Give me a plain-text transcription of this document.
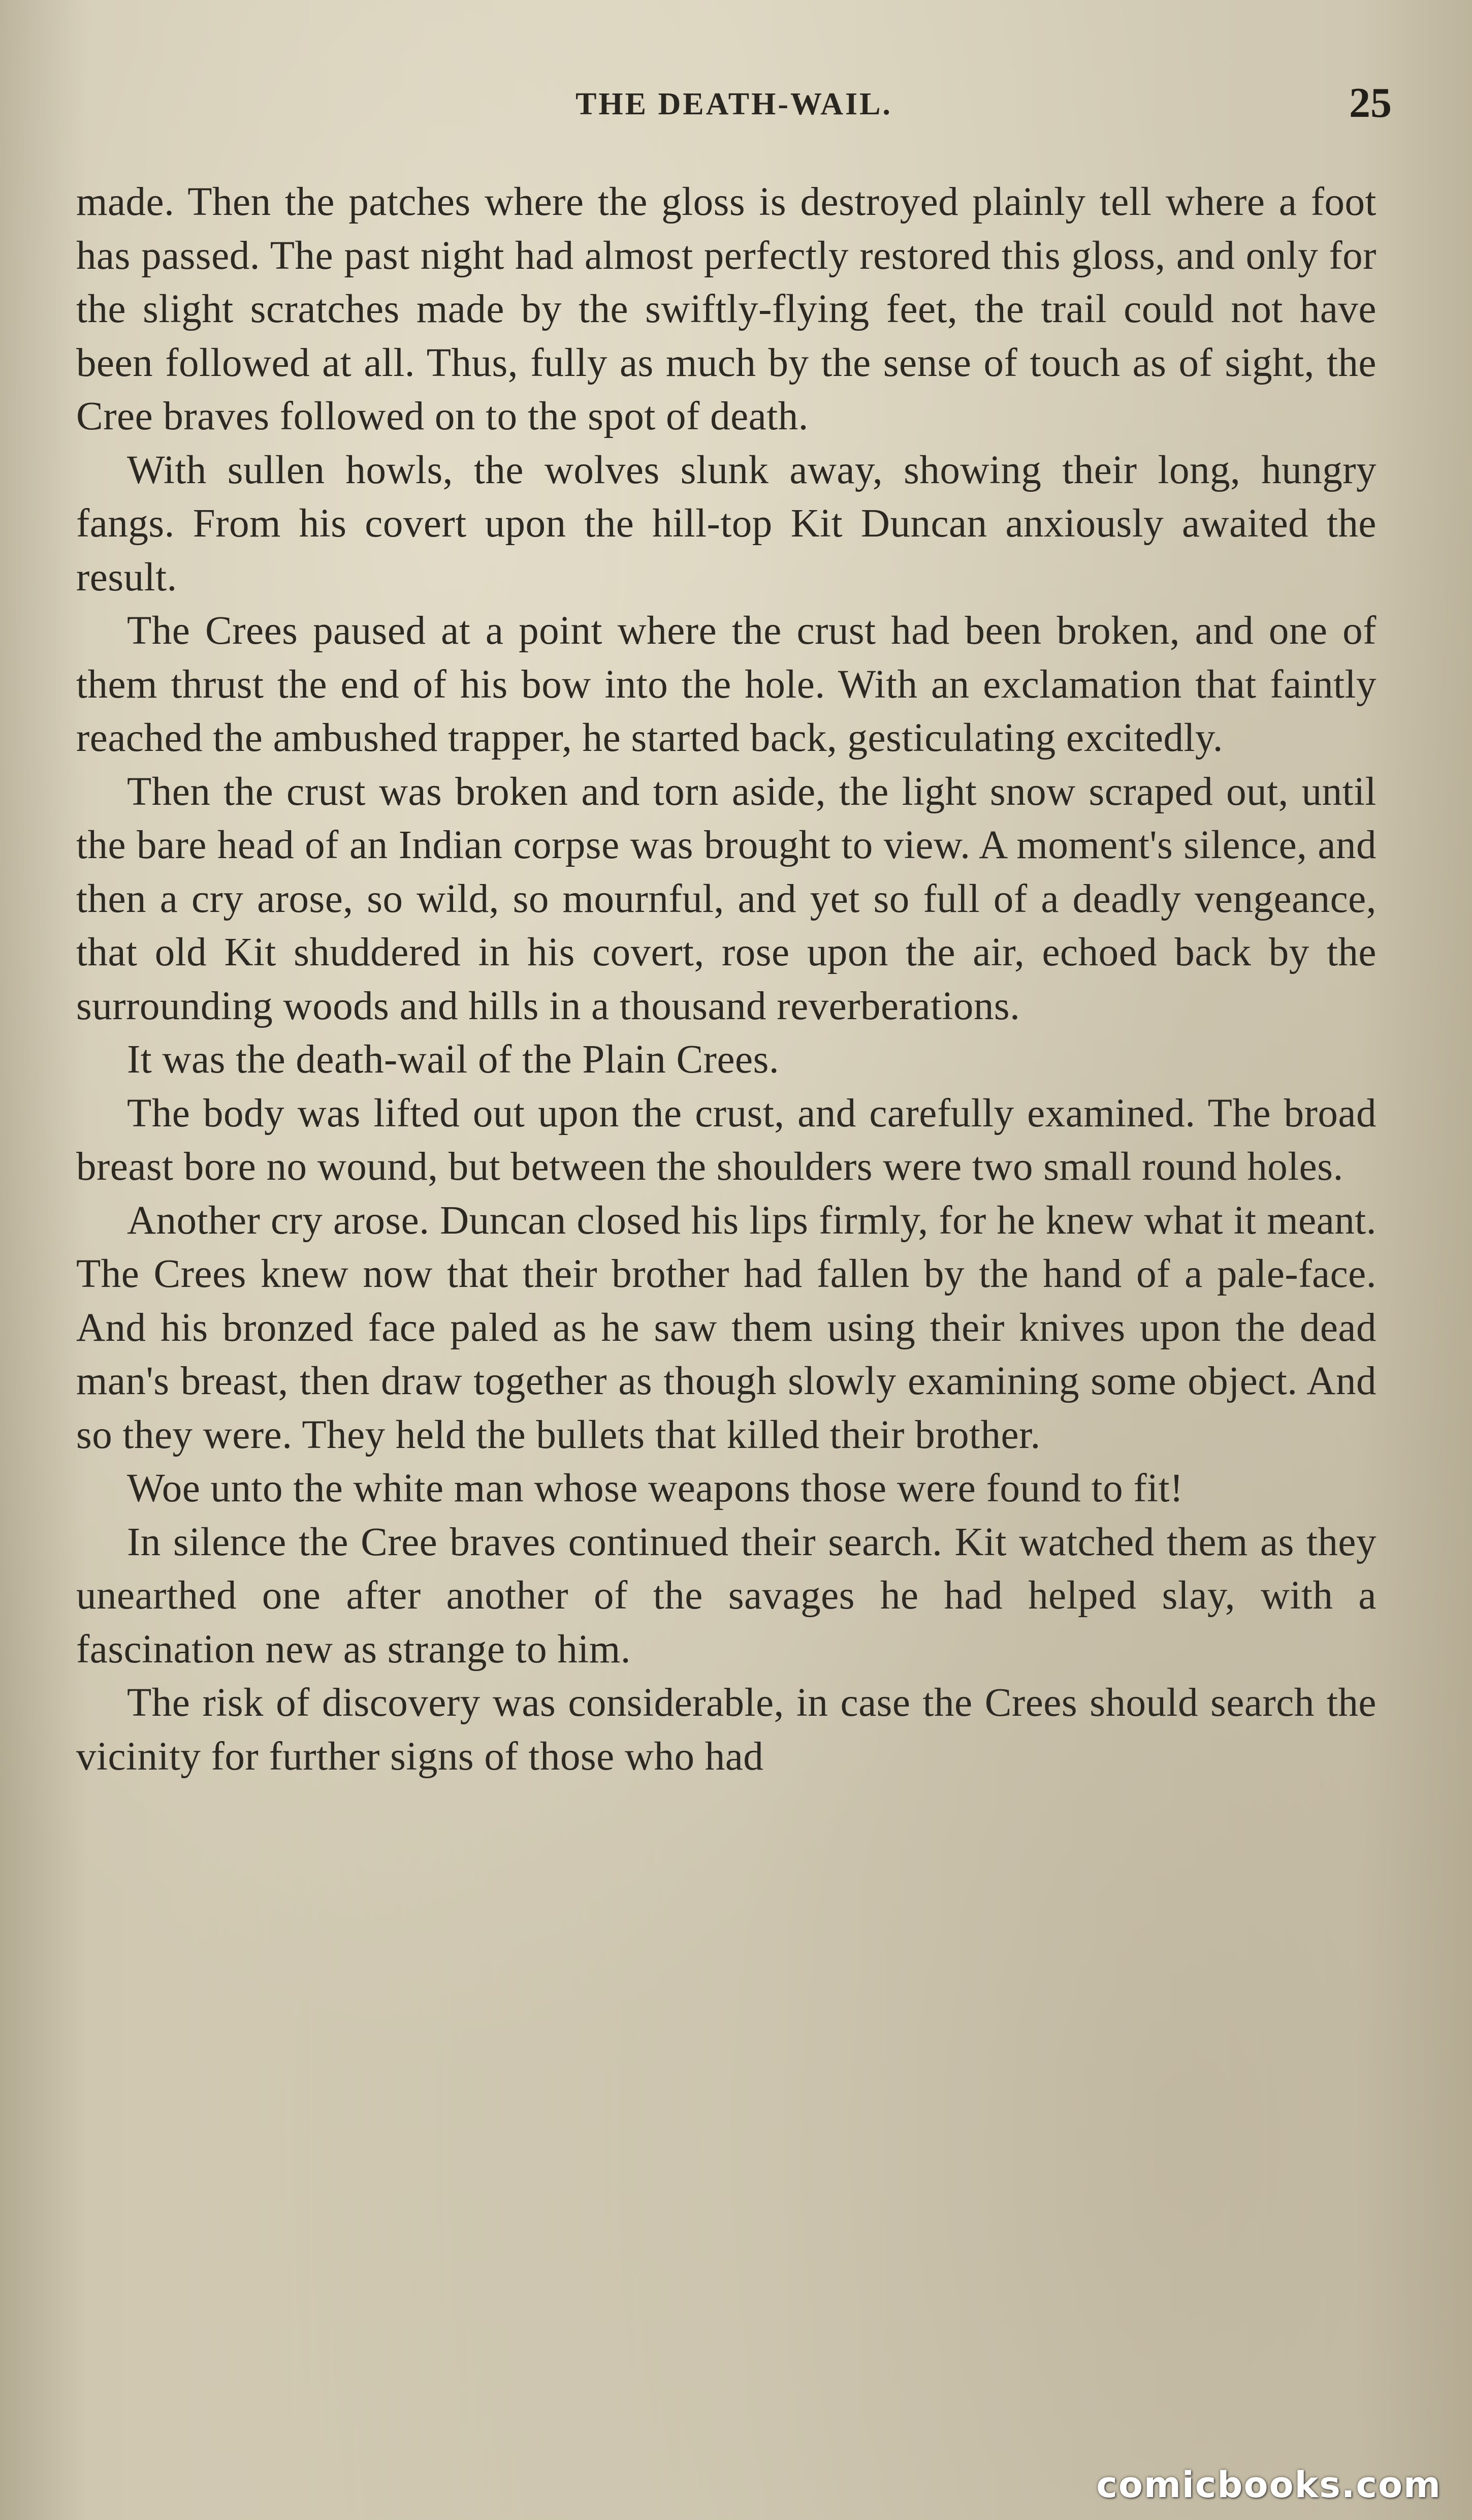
THE DEATH-WAIL.	25

made. Then the patches where the gloss is destroyed plainly tell where a foot has passed. The past night had almost perfectly restored this gloss, and only for the slight scratches made by the swiftly-flying feet, the trail could not have been followed at all. Thus, fully as much by the sense of touch as of sight, the Cree braves followed on to the spot of death.

With sullen howls, the wolves slunk away, showing their long, hungry fangs. From his covert upon the hill-top Kit Duncan anxiously awaited the result.

The Crees paused at a point where the crust had been broken, and one of them thrust the end of his bow into the hole. With an exclamation that faintly reached the ambushed trapper, he started back, gesticulating excitedly.

Then the crust was broken and torn aside, the light snow scraped out, until the bare head of an Indian corpse was brought to view. A moment's silence, and then a cry arose, so wild, so mournful, and yet so full of a deadly vengeance, that old Kit shuddered in his covert, rose upon the air, echoed back by the surrounding woods and hills in a thousand reverberations.

It was the death-wail of the Plain Crees.

The body was lifted out upon the crust, and carefully examined. The broad breast bore no wound, but between the shoulders were two small round holes.

Another cry arose. Duncan closed his lips firmly, for he knew what it meant. The Crees knew now that their brother had fallen by the hand of a pale-face. And his bronzed face paled as he saw them using their knives upon the dead man's breast, then draw together as though slowly examining some object. And so they were. They held the bullets that killed their brother.

Woe unto the white man whose weapons those were found to fit!

In silence the Cree braves continued their search. Kit watched them as they unearthed one after another of the savages he had helped slay, with a fascination new as strange to him.

The risk of discovery was considerable, in case the Crees should search the vicinity for further signs of those who had

comicbooks.com
